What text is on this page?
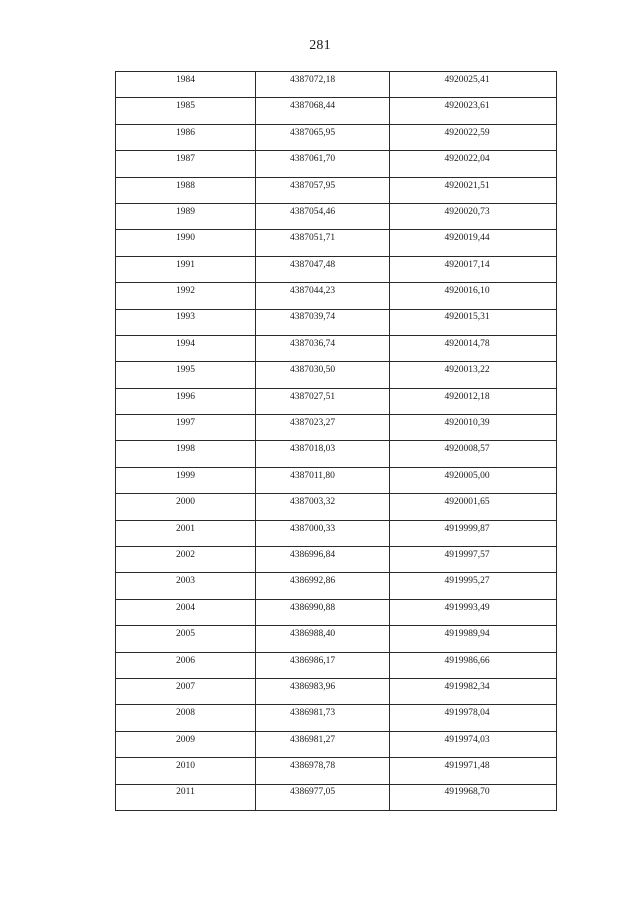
281
1984	4387072,18	4920025,41
1985	4387068,44	4920023,61
1986	4387065,95	4920022,59
1987	4387061,70	4920022,04
1988	4387057,95	4920021,51
1989	4387054,46	4920020,73
1990	4387051,71	4920019,44
1991	4387047,48	4920017,14
1992	4387044,23	4920016,10
1993	4387039,74	4920015,31
1994	4387036,74	4920014,78
1995	4387030,50	4920013,22
1996	4387027,51	4920012,18
1997	4387023,27	4920010,39
1998	4387018,03	4920008,57
1999	4387011,80	4920005,00
2000	4387003,32	4920001,65
2001	4387000,33	4919999,87
2002	4386996,84	4919997,57
2003	4386992,86	4919995,27
2004	4386990,88	4919993,49
2005	4386988,40	4919989,94
2006	4386986,17	4919986,66
2007	4386983,96	4919982,34
2008	4386981,73	4919978,04
2009	4386981,27	4919974,03
2010	4386978,78	4919971,48
2011	4386977,05	4919968,70
